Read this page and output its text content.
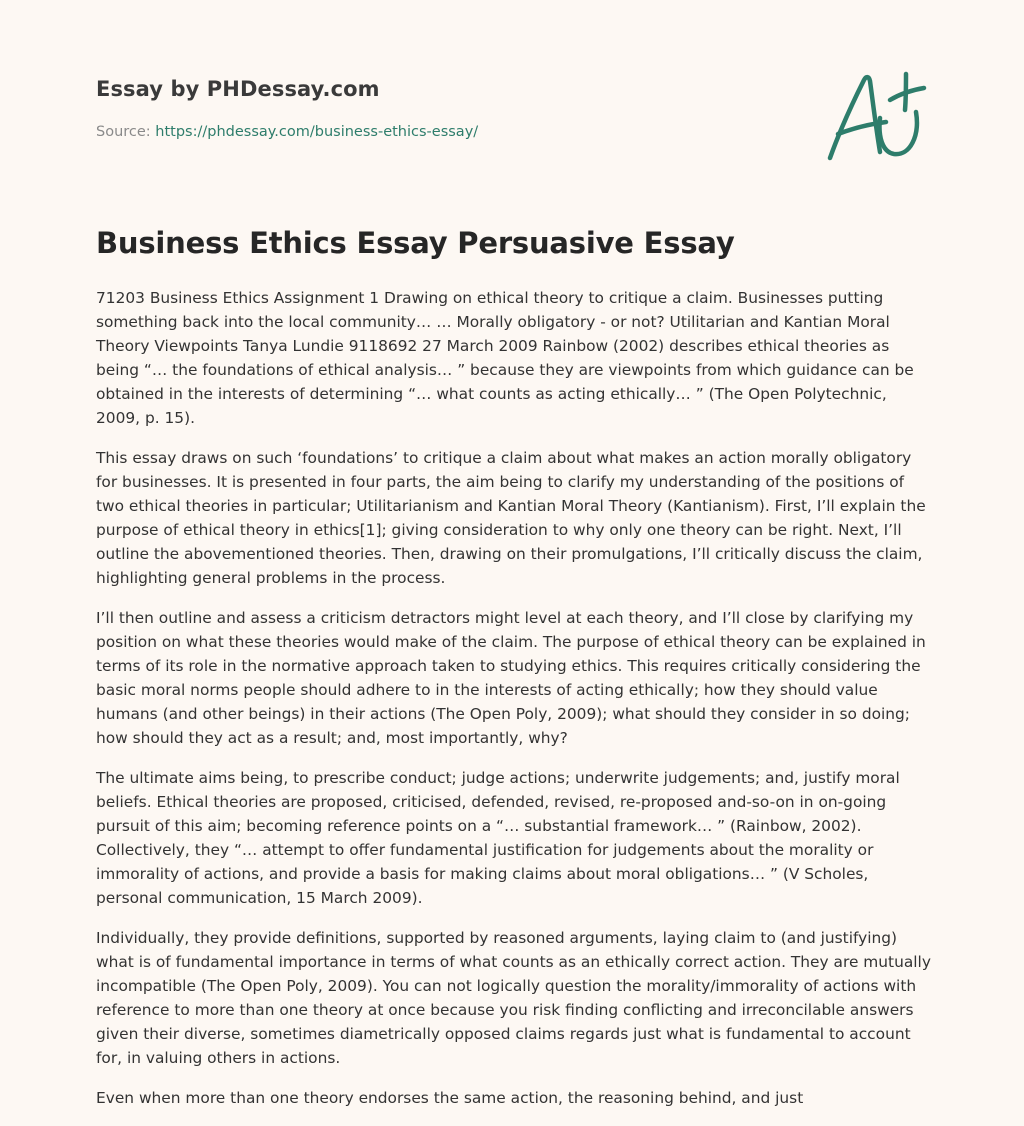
Essay by PHDessay.com

Source: https://phdessay.com/business-ethics-essay/

Business Ethics Essay Persuasive Essay

71203 Business Ethics Assignment 1 Drawing on ethical theory to critique a claim. Businesses putting something back into the local community… … Morally obligatory - or not? Utilitarian and Kantian Moral Theory Viewpoints Tanya Lundie 9118692 27 March 2009 Rainbow (2002) describes ethical theories as being “… the foundations of ethical analysis… ” because they are viewpoints from which guidance can be obtained in the interests of determining “… what counts as acting ethically… ” (The Open Polytechnic, 2009, p. 15).

This essay draws on such ‘foundations’ to critique a claim about what makes an action morally obligatory for businesses. It is presented in four parts, the aim being to clarify my understanding of the positions of two ethical theories in particular; Utilitarianism and Kantian Moral Theory (Kantianism). First, I’ll explain the purpose of ethical theory in ethics[1]; giving consideration to why only one theory can be right. Next, I’ll outline the abovementioned theories. Then, drawing on their promulgations, I’ll critically discuss the claim, highlighting general problems in the process.

I’ll then outline and assess a criticism detractors might level at each theory, and I’ll close by clarifying my position on what these theories would make of the claim. The purpose of ethical theory can be explained in terms of its role in the normative approach taken to studying ethics. This requires critically considering the basic moral norms people should adhere to in the interests of acting ethically; how they should value humans (and other beings) in their actions (The Open Poly, 2009); what should they consider in so doing; how should they act as a result; and, most importantly, why?

The ultimate aims being, to prescribe conduct; judge actions; underwrite judgements; and, justify moral beliefs. Ethical theories are proposed, criticised, defended, revised, re-proposed and-so-on in on-going pursuit of this aim; becoming reference points on a “… substantial framework… ” (Rainbow, 2002). Collectively, they “… attempt to offer fundamental justification for judgements about the morality or immorality of actions, and provide a basis for making claims about moral obligations… ” (V Scholes, personal communication, 15 March 2009).

Individually, they provide definitions, supported by reasoned arguments, laying claim to (and justifying) what is of fundamental importance in terms of what counts as an ethically correct action. They are mutually incompatible (The Open Poly, 2009). You can not logically question the morality/immorality of actions with reference to more than one theory at once because you risk finding conflicting and irreconcilable answers given their diverse, sometimes diametrically opposed claims regards just what is fundamental to account for, in valuing others in actions.

Even when more than one theory endorses the same action, the reasoning behind, and just
